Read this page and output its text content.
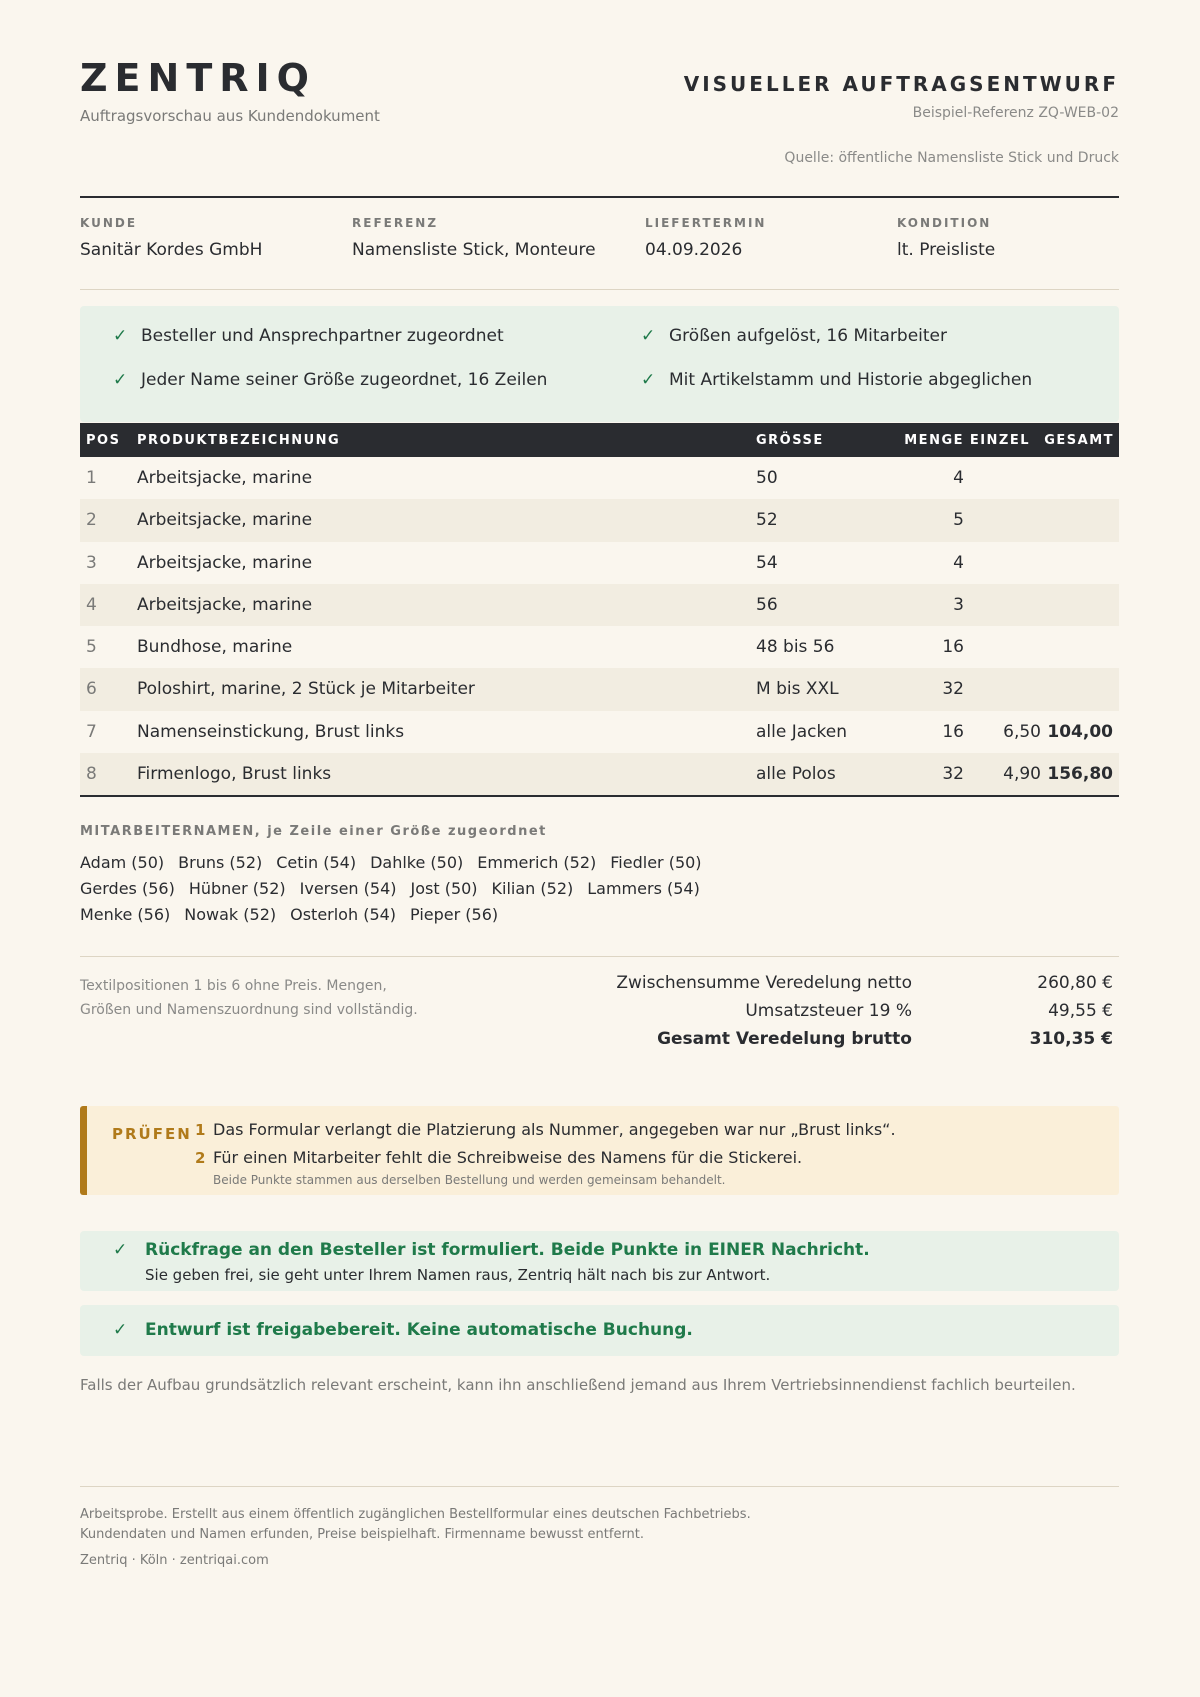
ZENTRIQ
Auftragsvorschau aus Kundendokument
VISUELLER AUFTRAGSENTWURF
Beispiel-Referenz ZQ-WEB-02
Quelle: öffentliche Namensliste Stick und Druck
KUNDE
Sanitär Kordes GmbH
REFERENZ
Namensliste Stick, Monteure
LIEFERTERMIN
04.09.2026
KONDITION
lt. Preisliste
✓ Besteller und Ansprechpartner zugeordnet	✓ Größen aufgelöst, 16 Mitarbeiter
✓ Jeder Name seiner Größe zugeordnet, 16 Zeilen	✓ Mit Artikelstamm und Historie abgeglichen
POS PRODUKTBEZEICHNUNG	GRÖSSE	MENGE EINZEL GESAMT
1 Arbeitsjacke, marine	50	4
2 Arbeitsjacke, marine	52	5
3 Arbeitsjacke, marine	54	4
4 Arbeitsjacke, marine	56	3
5 Bundhose, marine	48 bis 56	16
6 Poloshirt, marine, 2 Stück je Mitarbeiter	M bis XXL	32
7 Namenseinstickung, Brust links	alle Jacken	16 6,50 104,00
8 Firmenlogo, Brust links	alle Polos	32 4,90 156,80
MITARBEITERNAMEN, je Zeile einer Größe zugeordnet
Adam (50) Bruns (52) Cetin (54) Dahlke (50) Emmerich (52) Fiedler (50)
Gerdes (56) Hübner (52) Iversen (54) Jost (50) Kilian (52) Lammers (54)
Menke (56) Nowak (52) Osterloh (54) Pieper (56)
Textilpositionen 1 bis 6 ohne Preis. Mengen,
Größen und Namenszuordnung sind vollständig.
Zwischensumme Veredelung netto	260,80 €
Umsatzsteuer 19 %	49,55 €
Gesamt Veredelung brutto	310,35 €
PRÜFEN 1 Das Formular verlangt die Platzierung als Nummer, angegeben war nur „Brust links“.
2 Für einen Mitarbeiter fehlt die Schreibweise des Namens für die Stickerei.
Beide Punkte stammen aus derselben Bestellung und werden gemeinsam behandelt.
✓ Rückfrage an den Besteller ist formuliert. Beide Punkte in EINER Nachricht.
Sie geben frei, sie geht unter Ihrem Namen raus, Zentriq hält nach bis zur Antwort.
✓ Entwurf ist freigabebereit. Keine automatische Buchung.
Falls der Aufbau grundsätzlich relevant erscheint, kann ihn anschließend jemand aus Ihrem Vertriebsinnendienst fachlich beurteilen.
Arbeitsprobe. Erstellt aus einem öffentlich zugänglichen Bestellformular eines deutschen Fachbetriebs.
Kundendaten und Namen erfunden, Preise beispielhaft. Firmenname bewusst entfernt.
Zentriq · Köln · zentriqai.com
